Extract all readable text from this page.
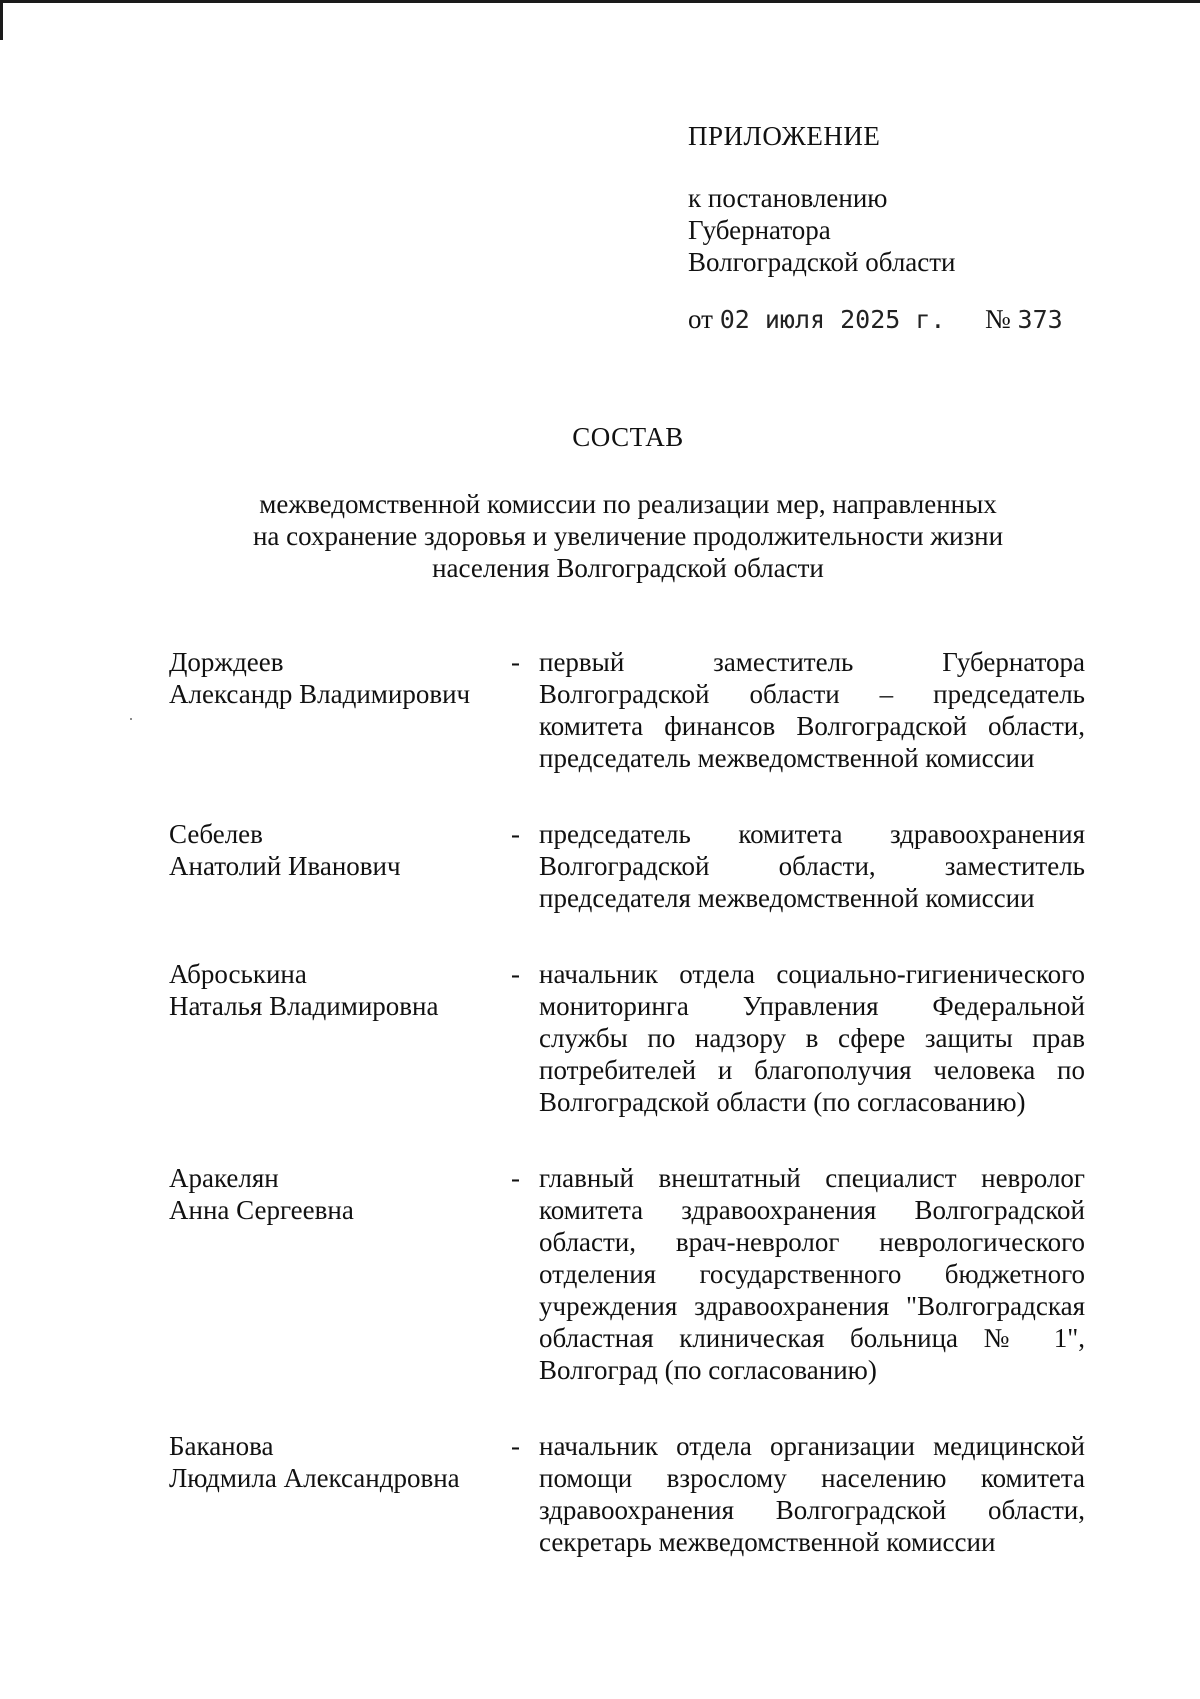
ПРИЛОЖЕНИЕ
к постановлению
Губернатора
Волгоградской области
от 02 июля 2025 г. № 373
СОСТАВ
межведомственной комиссии по реализации мер, направленных
на сохранение здоровья и увеличение продолжительности жизни
населения Волгоградской области
Дорждеев
Александр Владимирович
- первый заместитель Губернатора Волгоградской области – председатель комитета финансов Волгоградской области, председатель межведомственной комиссии
Себелев
Анатолий Иванович
- председатель комитета здравоохранения Волгоградской области, заместитель председателя межведомственной комиссии
Аброськина
Наталья Владимировна
- начальник отдела социально-гигиенического мониторинга Управления Федеральной службы по надзору в сфере защиты прав потребителей и благополучия человека по Волгоградской области (по согласованию)
Аракелян
Анна Сергеевна
- главный внештатный специалист невролог комитета здравоохранения Волгоградской области, врач-невролог неврологического отделения государственного бюджетного учреждения здравоохранения "Волгоградская областная клиническая больница № 1", Волгоград (по согласованию)
Баканова
Людмила Александровна
- начальник отдела организации медицинской помощи взрослому населению комитета здравоохранения Волгоградской области, секретарь межведомственной комиссии
